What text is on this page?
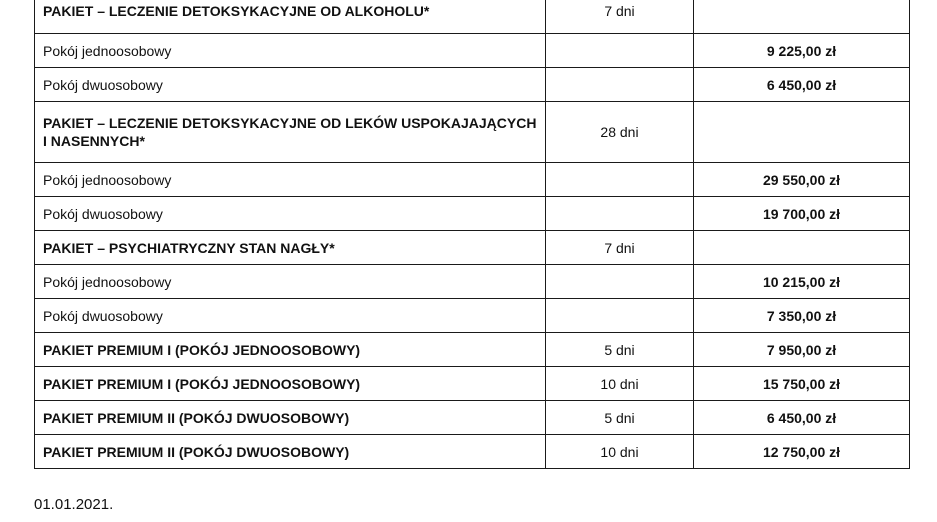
PAKIET – LECZENIE DETOKSYKACYJNE OD ALKOHOLU*	7 dni	
Pokój jednoosobowy		9 225,00 zł
Pokój dwuosobowy		6 450,00 zł
PAKIET – LECZENIE DETOKSYKACYJNE OD LEKÓW USPOKAJAJĄCYCH I NASENNYCH*	28 dni	
Pokój jednoosobowy		29 550,00 zł
Pokój dwuosobowy		19 700,00 zł
PAKIET – PSYCHIATRYCZNY STAN NAGŁY*	7 dni	
Pokój jednoosobowy		10 215,00 zł
Pokój dwuosobowy		7 350,00 zł
PAKIET PREMIUM I (POKÓJ JEDNOOSOBOWY)	5 dni	7 950,00 zł
PAKIET PREMIUM I (POKÓJ JEDNOOSOBOWY)	10 dni	15 750,00 zł
PAKIET PREMIUM II (POKÓJ DWUOSOBOWY)	5 dni	6 450,00 zł
PAKIET PREMIUM II (POKÓJ DWUOSOBOWY)	10 dni	12 750,00 zł
01.01.2021.
